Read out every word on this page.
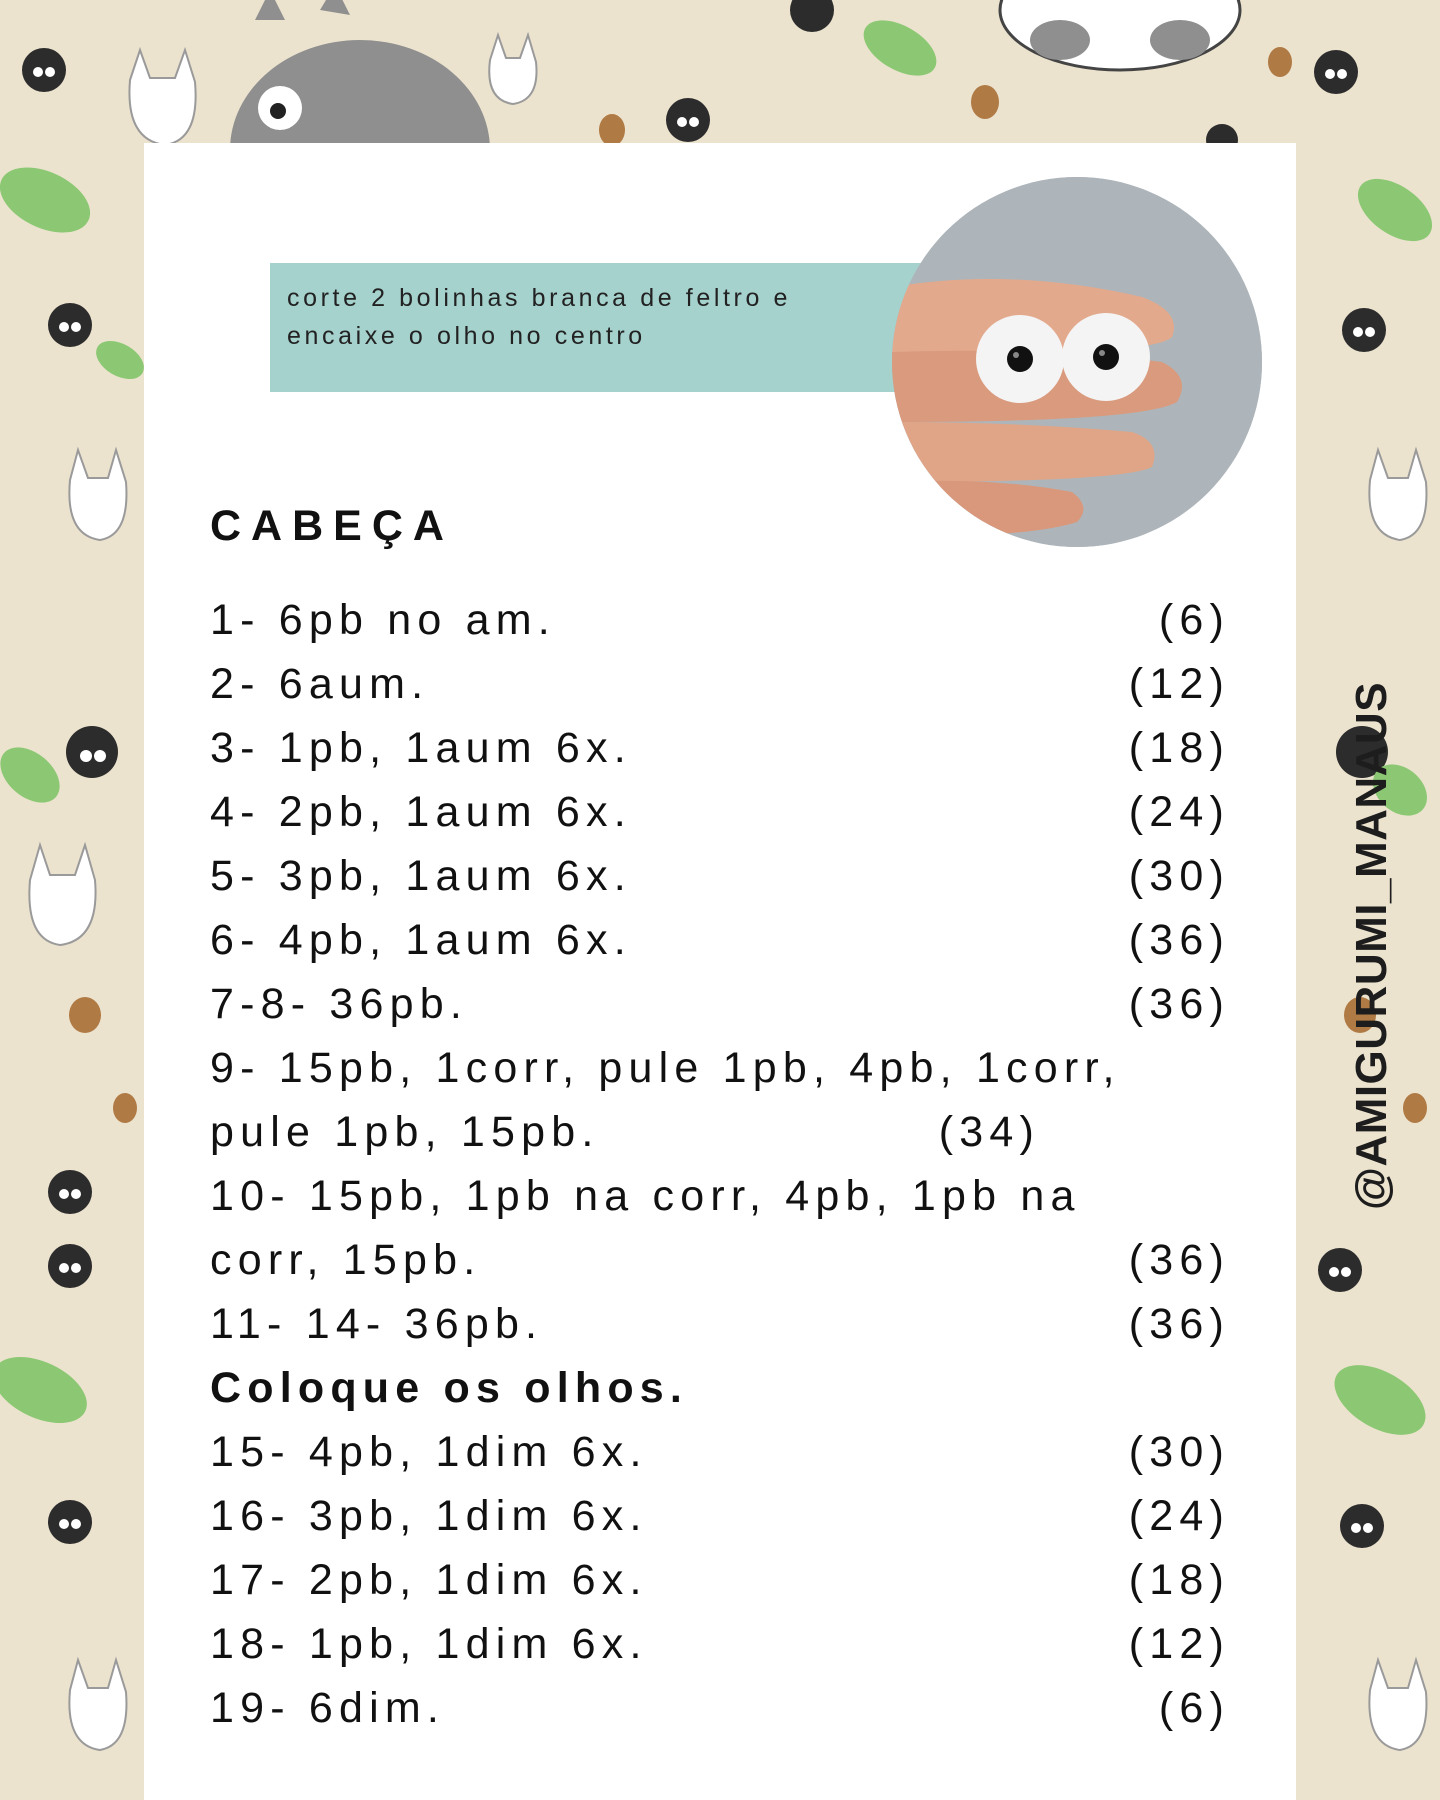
corte 2 bolinhas branca de feltro e
encaixe o olho no centro
CABEÇA
1- 6pb no am.	(6)
2- 6aum.	(12)
3- 1pb, 1aum 6x.	(18)
4- 2pb, 1aum 6x.	(24)
5- 3pb, 1aum 6x.	(30)
6- 4pb, 1aum 6x.	(36)
7-8- 36pb.	(36)
9- 15pb, 1corr, pule 1pb, 4pb, 1corr,
pule 1pb, 15pb.	(34)
10- 15pb, 1pb na corr, 4pb, 1pb na
corr, 15pb.	(36)
11- 14- 36pb.	(36)
Coloque os olhos.
15- 4pb, 1dim 6x.	(30)
16- 3pb, 1dim 6x.	(24)
17- 2pb, 1dim 6x.	(18)
18- 1pb, 1dim 6x.	(12)
19- 6dim.	(6)
@AMIGURUMI_MANAUS
